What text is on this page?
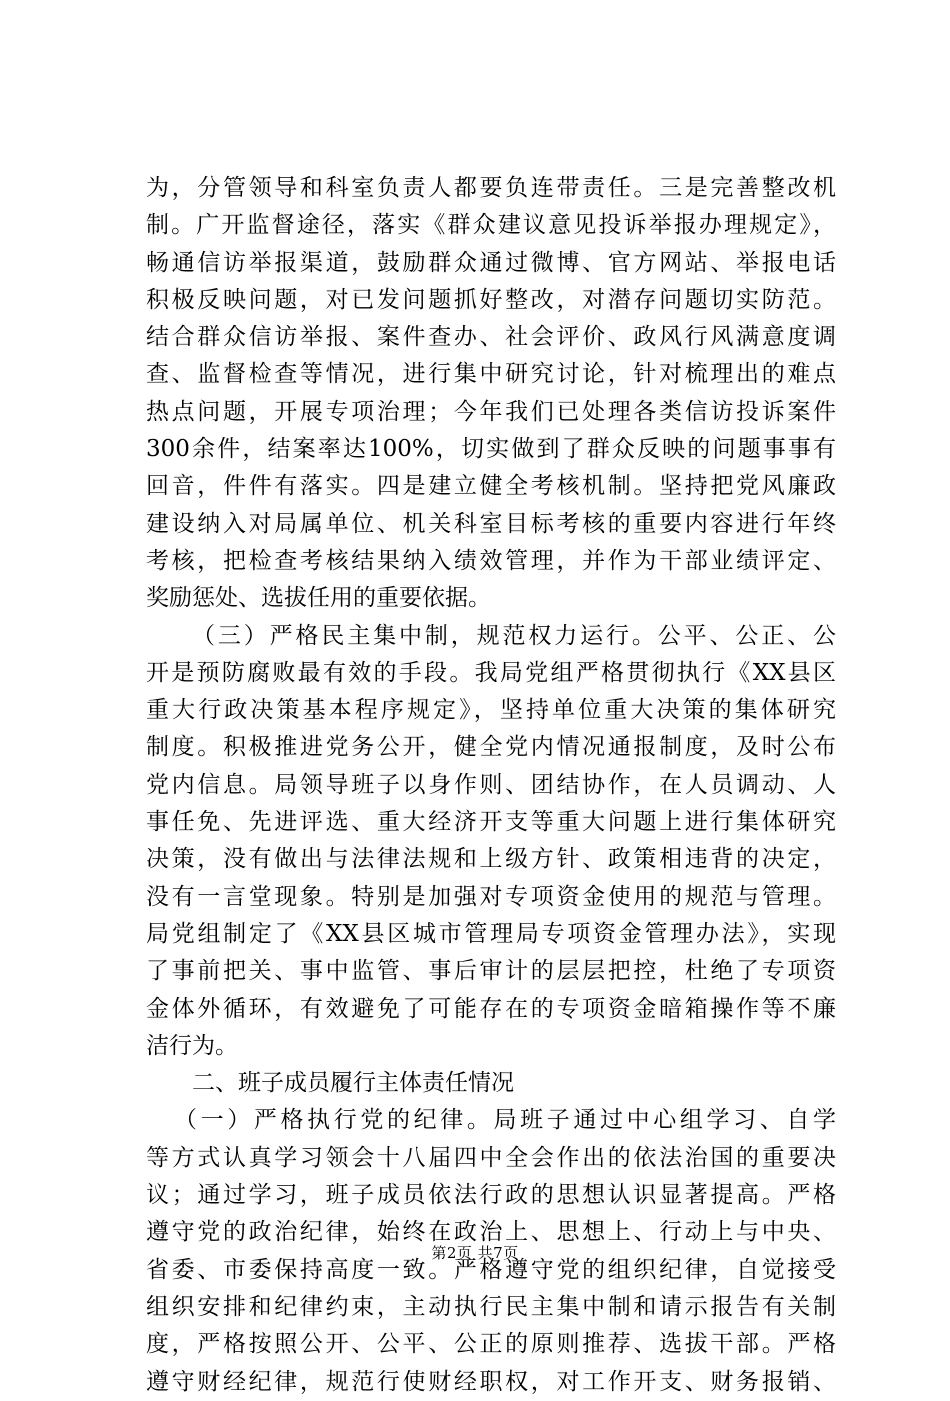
为，分管领导和科室负责人都要负连带责任。三是完善整改机
制。广开监督途径，落实《群众建议意见投诉举报办理规定》，
畅通信访举报渠道，鼓励群众通过微博、官方网站、举报电话
积极反映问题，对已发问题抓好整改，对潜存问题切实防范。
结合群众信访举报、案件查办、社会评价、政风行风满意度调
查、监督检查等情况，进行集中研究讨论，针对梳理出的难点
热点问题，开展专项治理；今年我们已处理各类信访投诉案件
300余件，结案率达100%，切实做到了群众反映的问题事事有
回音，件件有落实。四是建立健全考核机制。坚持把党风廉政
建设纳入对局属单位、机关科室目标考核的重要内容进行年终
考核，把检查考核结果纳入绩效管理，并作为干部业绩评定、
奖励惩处、选拔任用的重要依据。
（三）严格民主集中制，规范权力运行。公平、公正、公
开是预防腐败最有效的手段。我局党组严格贯彻执行《XX县区
重大行政决策基本程序规定》，坚持单位重大决策的集体研究
制度。积极推进党务公开，健全党内情况通报制度，及时公布
党内信息。局领导班子以身作则、团结协作，在人员调动、人
事任免、先进评选、重大经济开支等重大问题上进行集体研究
决策，没有做出与法律法规和上级方针、政策相违背的决定，
没有一言堂现象。特别是加强对专项资金使用的规范与管理。
局党组制定了《XX县区城市管理局专项资金管理办法》，实现
了事前把关、事中监管、事后审计的层层把控，杜绝了专项资
金体外循环，有效避免了可能存在的专项资金暗箱操作等不廉
洁行为。
二、班子成员履行主体责任情况
（一）严格执行党的纪律。局班子通过中心组学习、自学
等方式认真学习领会十八届四中全会作出的依法治国的重要决
议；通过学习，班子成员依法行政的思想认识显著提高。严格
遵守党的政治纪律，始终在政治上、思想上、行动上与中央、
省委、市委保持高度一致。严格遵守党的组织纪律，自觉接受
组织安排和纪律约束，主动执行民主集中制和请示报告有关制
度，严格按照公开、公平、公正的原则推荐、选拔干部。严格
遵守财经纪律，规范行使财经职权，对工作开支、财务报销、
第2页 共7页
